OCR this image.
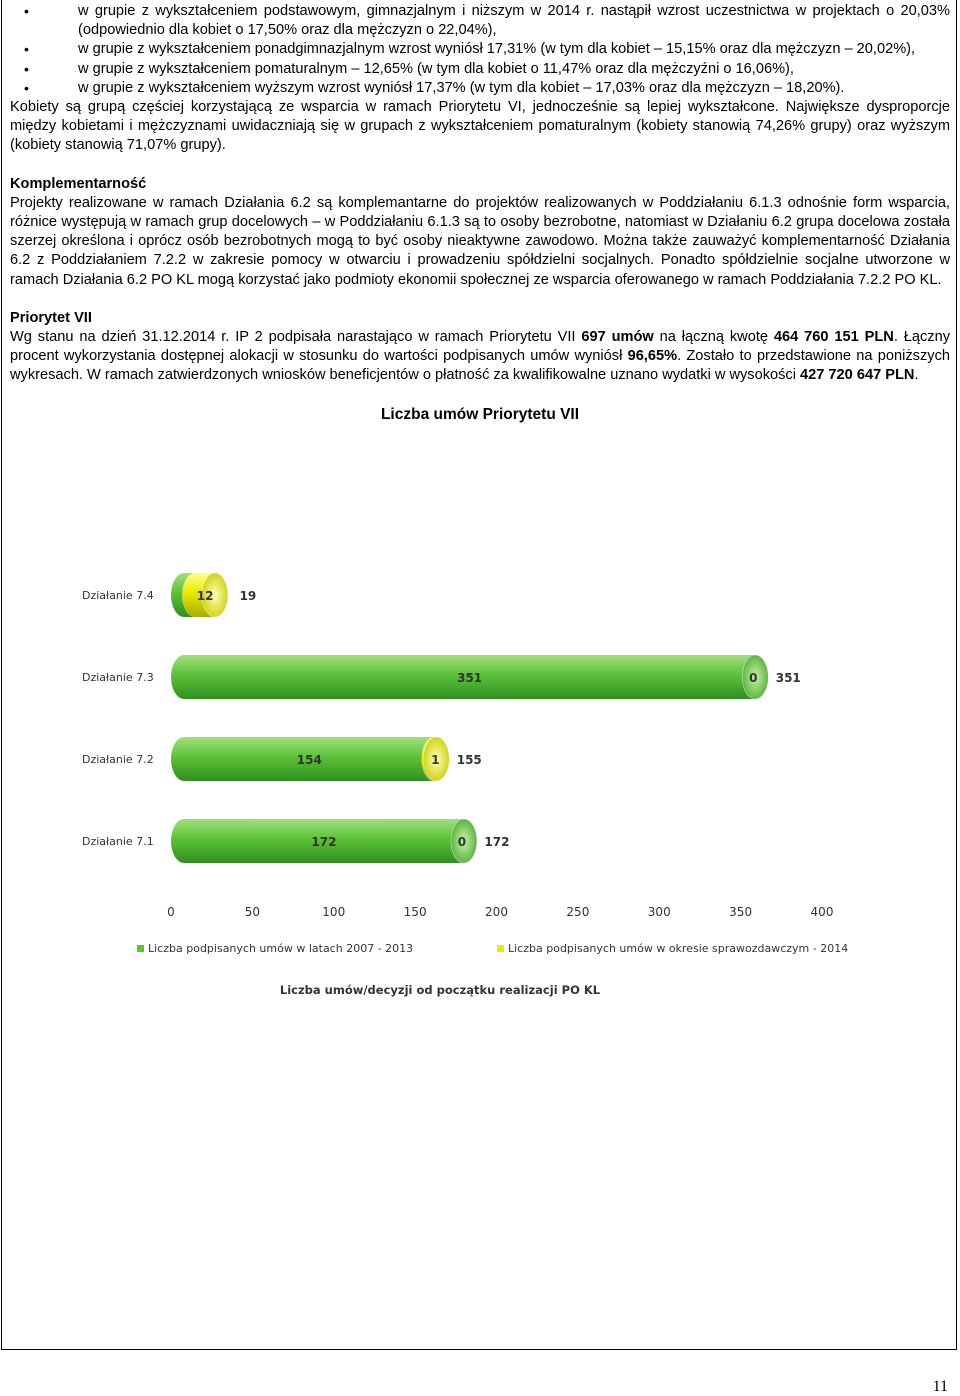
• w grupie z wykształceniem podstawowym, gimnazjalnym i niższym w 2014 r. nastąpił wzrost uczestnictwa w projektach o 20,03% (odpowiednio dla kobiet o 17,50% oraz dla mężczyzn o 22,04%),
• w grupie z wykształceniem ponadgimnazjalnym wzrost wyniósł 17,31% (w tym dla kobiet – 15,15% oraz dla mężczyzn – 20,02%),
• w grupie z wykształceniem pomaturalnym – 12,65% (w tym dla kobiet o 11,47% oraz dla mężczyźni o 16,06%),
• w grupie z wykształceniem wyższym wzrost wyniósł 17,37% (w tym dla kobiet – 17,03% oraz dla mężczyzn – 18,20%).

Kobiety są grupą częściej korzystającą ze wsparcia w ramach Priorytetu VI, jednocześnie są lepiej wykształcone. Największe dysproporcje między kobietami i mężczyznami uwidaczniają się w grupach z wykształceniem pomaturalnym (kobiety stanowią 74,26% grupy) oraz wyższym (kobiety stanowią 71,07% grupy).

Komplementarność

Projekty realizowane w ramach Działania 6.2 są komplemantarne do projektów realizowanych w Poddziałaniu 6.1.3 odnośnie form wsparcia, różnice występują w ramach grup docelowych – w Poddziałaniu 6.1.3 są to osoby bezrobotne, natomiast w Działaniu 6.2 grupa docelowa została szerzej określona i oprócz osób bezrobotnych mogą to być osoby nieaktywne zawodowo. Można także zauważyć komplementarność Działania 6.2 z Poddziałaniem 7.2.2 w zakresie pomocy w otwarciu i prowadzeniu spółdzielni socjalnych. Ponadto spółdzielnie socjalne utworzone w ramach Działania 6.2 PO KL mogą korzystać jako podmioty ekonomii społecznej ze wsparcia oferowanego w ramach Poddziałania 7.2.2 PO KL.

Priorytet VII

Wg stanu na dzień 31.12.2014 r. IP 2 podpisała narastająco w ramach Priorytetu VII 697 umów na łączną kwotę 464 760 151 PLN. Łączny procent wykorzystania dostępnej alokacji w stosunku do wartości podpisanych umów wyniósł 96,65%. Zostało to przedstawione na poniższych wykresach. W ramach zatwierdzonych wniosków beneficjentów o płatność za kwalifikowalne uznano wydatki w wysokości 427 720 647 PLN.

Liczba umów Priorytetu VII

0	50	100	150	200	250	300	350	400
Działanie 7.4	12 19
Działanie 7.3	351	0 351
Działanie 7.2	154	1 155
Działanie 7.1	172	0 172
Liczba podpisanych umów w latach 2007 - 2013	Liczba podpisanych umów w okresie sprawozdawczym - 2014
Liczba umów/decyzji od początku realizacji PO KL
11
